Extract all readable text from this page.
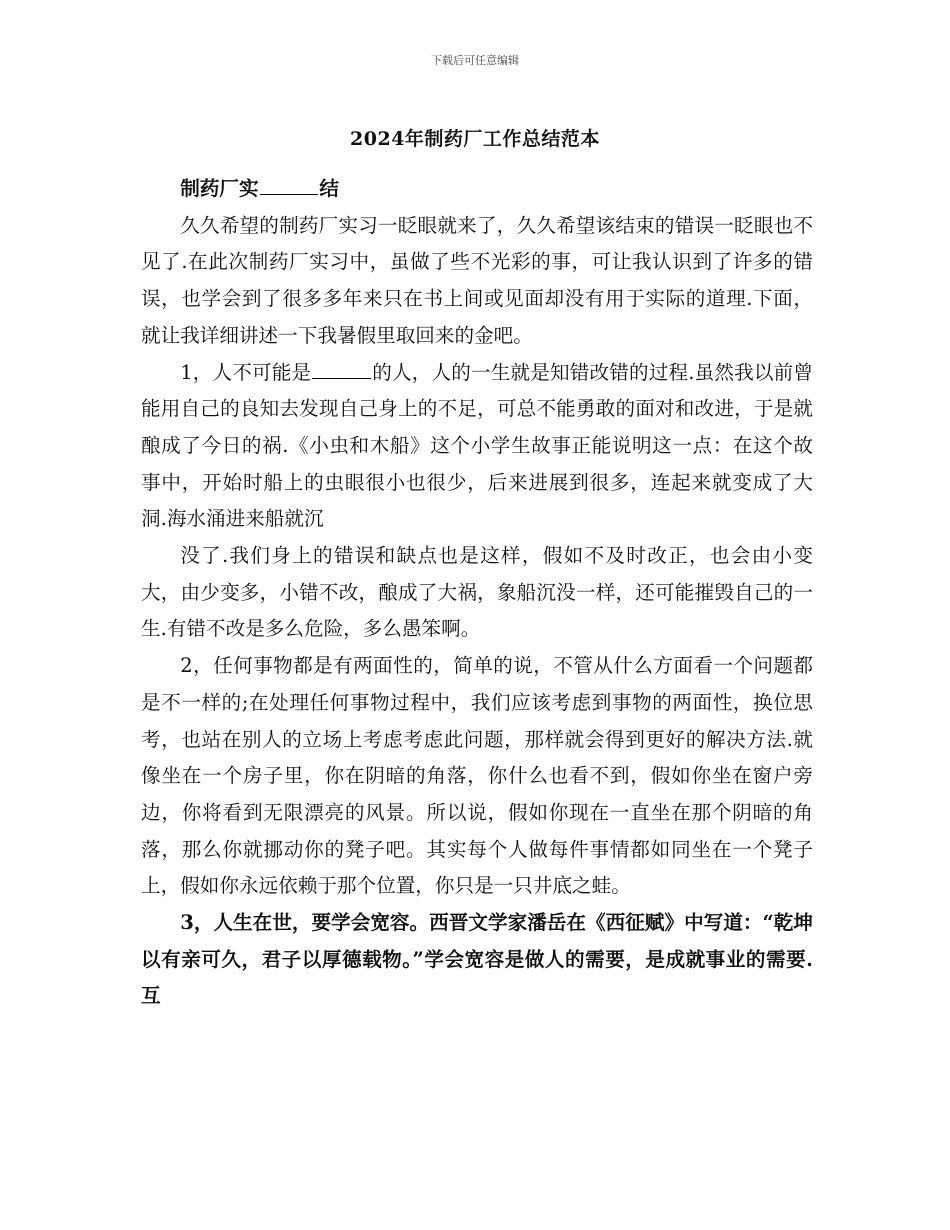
下载后可任意编辑
2024年制药厂工作总结范本

制药厂实	结

久久希望的制药厂实习一眨眼就来了，久久希望该结束的错误一眨眼也不见了.在此次制药厂实习中，虽做了些不光彩的事，可让我认识到了许多的错误，也学会到了很多多年来只在书上间或见面却没有用于实际的道理.下面，就让我详细讲述一下我暑假里取回来的金吧。

1，人不可能是	的人，人的一生就是知错改错的过程.虽然我以前曾能用自己的良知去发现自己身上的不足，可总不能勇敢的面对和改进，于是就酿成了今日的祸.《小虫和木船》这个小学生故事正能说明这一点：在这个故事中，开始时船上的虫眼很小也很少，后来进展到很多，连起来就变成了大洞.海水涌进来船就沉

没了.我们身上的错误和缺点也是这样，假如不及时改正，也会由小变大，由少变多，小错不改，酿成了大祸，象船沉没一样，还可能摧毁自己的一生.有错不改是多么危险，多么愚笨啊。

2，任何事物都是有两面性的，简单的说，不管从什么方面看一个问题都是不一样的;在处理任何事物过程中，我们应该考虑到事物的两面性，换位思考，也站在别人的立场上考虑考虑此问题，那样就会得到更好的解决方法.就像坐在一个房子里，你在阴暗的角落，你什么也看不到，假如你坐在窗户旁边，你将看到无限漂亮的风景。所以说，假如你现在一直坐在那个阴暗的角落，那么你就挪动你的凳子吧。其实每个人做每件事情都如同坐在一个凳子上，假如你永远依赖于那个位置，你只是一只井底之蛙。

3，人生在世，要学会宽容。西晋文学家潘岳在《西征赋》中写道：“乾坤以有亲可久，君子以厚德载物。”学会宽容是做人的需要，是成就事业的需要.互
